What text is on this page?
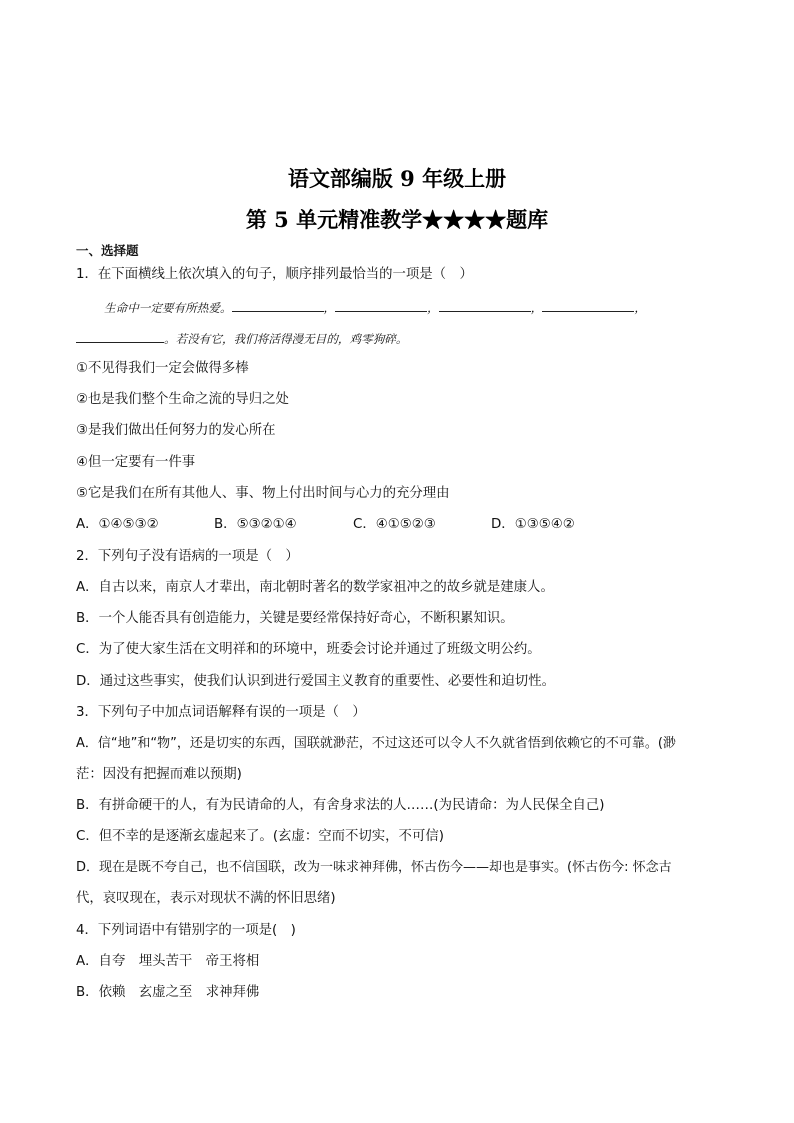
语文部编版 9 年级上册
第 5 单元精准教学★★★★题库
一、选择题
1．在下面横线上依次填入的句子，顺序排列最恰当的一项是（　）
生命中一定要有所热爱。	，	，	，	，
。若没有它，我们将活得漫无目的，鸡零狗碎。
①不见得我们一定会做得多棒
②也是我们整个生命之流的导归之处
③是我们做出任何努力的发心所在
④但一定要有一件事
⑤它是我们在所有其他人、事、物上付出时间与心力的充分理由
A．①④⑤③②	B．⑤③②①④	C．④①⑤②③	D．①③⑤④②
2．下列句子没有语病的一项是（　）
A．自古以来，南京人才辈出，南北朝时著名的数学家祖冲之的故乡就是建康人。
B．一个人能否具有创造能力，关键是要经常保持好奇心，不断积累知识。
C．为了使大家生活在文明祥和的环境中，班委会讨论并通过了班级文明公约。
D．通过这些事实，使我们认识到进行爱国主义教育的重要性、必要性和迫切性。
3．下列句子中加点词语解释有误的一项是（　）
A．信“地”和“物”，还是切实的东西，国联就渺茫，不过这还可以令人不久就省悟到依赖它的不可靠。(渺
茫：因没有把握而难以预期)
B．有拼命硬干的人，有为民请命的人，有舍身求法的人……(为民请命：为人民保全自己)
C．但不幸的是逐渐玄虚起来了。(玄虚：空而不切实，不可信)
D．现在是既不夸自己，也不信国联，改为一味求神拜佛，怀古伤今——却也是事实。(怀古伤今: 怀念古
代，哀叹现在，表示对现状不满的怀旧思绪)
4．下列词语中有错别字的一项是(　)
A．自夸　埋头苦干　帝王将相
B．依赖　玄虚之至　求神拜佛
